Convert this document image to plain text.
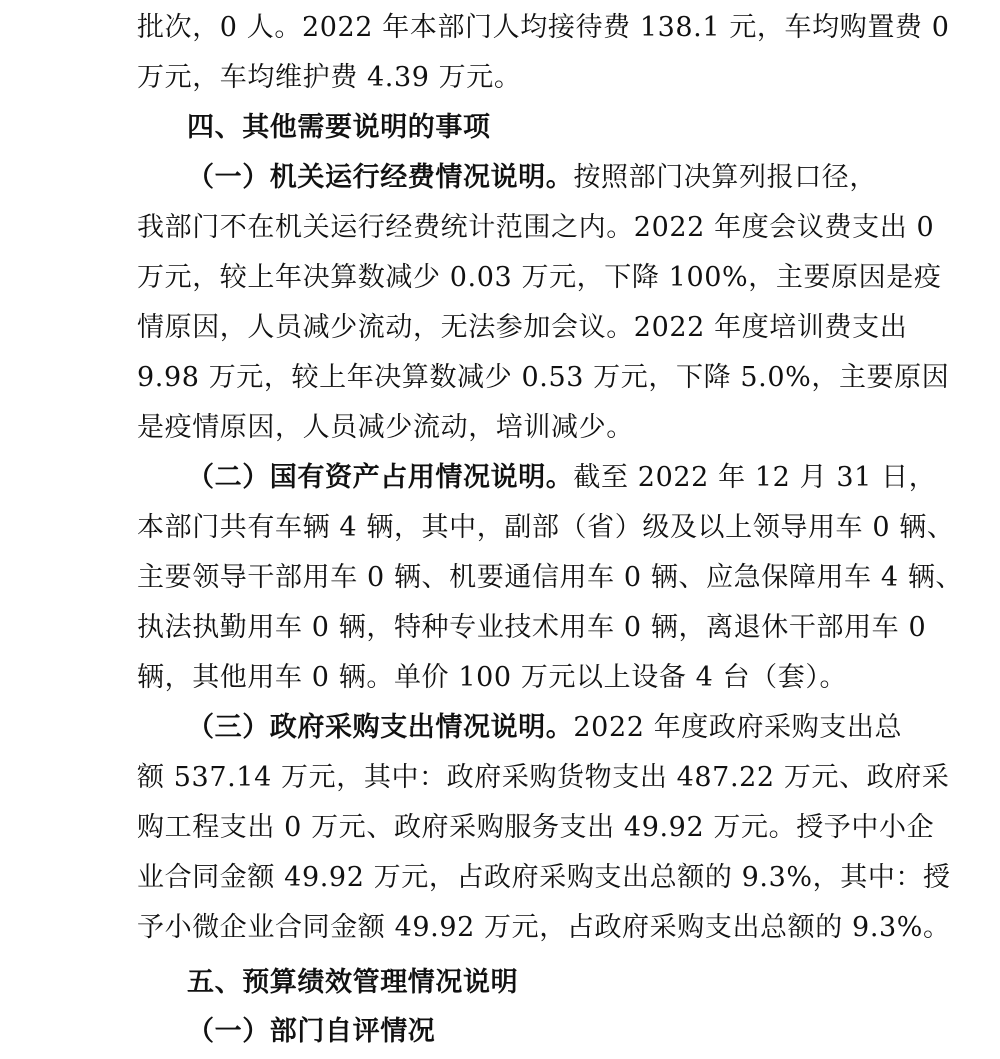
批次，0 人。2022 年本部门人均接待费 138.1 元，车均购置费 0
万元，车均维护费 4.39 万元。
四、其他需要说明的事项
（一）机关运行经费情况说明。按照部门决算列报口径，
我部门不在机关运行经费统计范围之内。2022 年度会议费支出 0
万元，较上年决算数减少 0.03 万元，下降 100%，主要原因是疫
情原因，人员减少流动，无法参加会议。2022 年度培训费支出
9.98 万元，较上年决算数减少 0.53 万元，下降 5.0%，主要原因
是疫情原因，人员减少流动，培训减少。
（二）国有资产占用情况说明。截至 2022 年 12 月 31 日，
本部门共有车辆 4 辆，其中，副部（省）级及以上领导用车 0 辆、
主要领导干部用车 0 辆、机要通信用车 0 辆、应急保障用车 4 辆、
执法执勤用车 0 辆，特种专业技术用车 0 辆，离退休干部用车 0
辆，其他用车 0 辆。单价 100 万元以上设备 4 台（套）。
（三）政府采购支出情况说明。2022 年度政府采购支出总
额 537.14 万元，其中：政府采购货物支出 487.22 万元、政府采
购工程支出 0 万元、政府采购服务支出 49.92 万元。授予中小企
业合同金额 49.92 万元，占政府采购支出总额的 9.3%，其中：授
予小微企业合同金额 49.92 万元，占政府采购支出总额的 9.3%。
五、预算绩效管理情况说明
（一）部门自评情况
